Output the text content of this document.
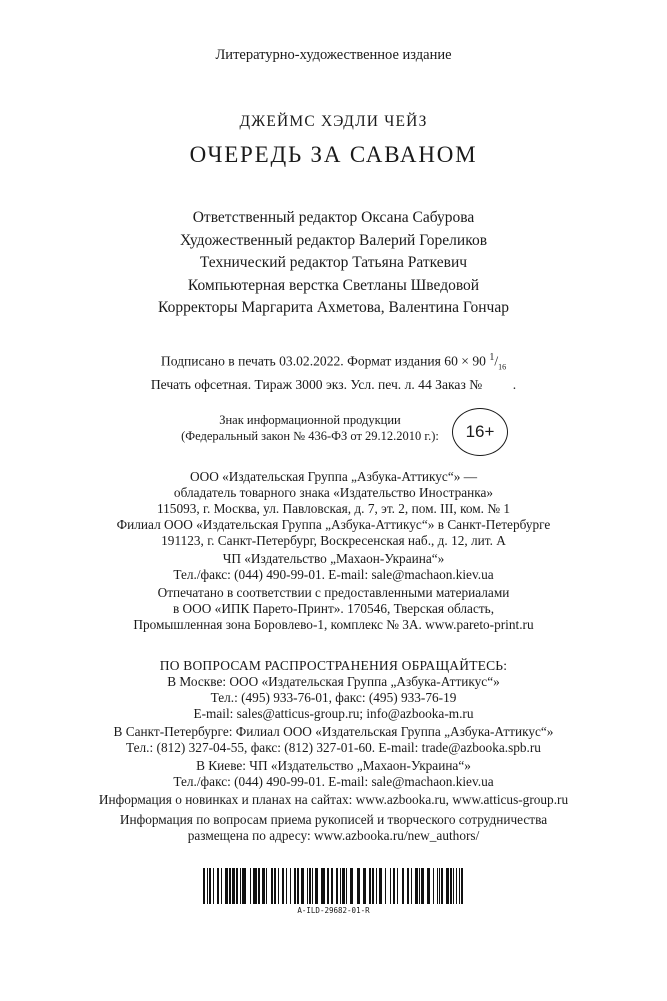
Литературно-художественное издание
ДЖЕЙМС ХЭДЛИ ЧЕЙЗ
ОЧЕРЕДЬ ЗА САВАНОМ
Ответственный редактор Оксана Сабурова
Художественный редактор Валерий Гореликов
Технический редактор Татьяна Раткевич
Компьютерная верстка Светланы Шведовой
Корректоры Маргарита Ахметова, Валентина Гончар
Подписано в печать 03.02.2022. Формат издания 60 × 90 $^1/_{16}$
Печать офсетная. Тираж 3000 экз. Усл. печ. л. 44 Заказ №         .
Знак информационной продукции
(Федеральный закон № 436-ФЗ от 29.12.2010 г.):	16+
ООО «Издательская Группа „Азбука-Аттикус“» —
обладатель товарного знака «Издательство Иностранка»
115093, г. Москва, ул. Павловская, д. 7, эт. 2, пом. III, ком. № 1
Филиал ООО «Издательская Группа „Азбука-Аттикус“» в Санкт-Петербурге
191123, г. Санкт-Петербург, Воскресенская наб., д. 12, лит. А
ЧП «Издательство „Махаон-Украина“»
Тел./факс: (044) 490-99-01. E-mail: sale@machaon.kiev.ua
Отпечатано в соответствии с предоставленными материалами
в ООО «ИПК Парето-Принт». 170546, Тверская область,
Промышленная зона Боровлево-1, комплекс № 3А. www.pareto-print.ru
ПО ВОПРОСАМ РАСПРОСТРАНЕНИЯ ОБРАЩАЙТЕСЬ:
В Москве: ООО «Издательская Группа „Азбука-Аттикус“»
Тел.: (495) 933-76-01, факс: (495) 933-76-19
E-mail: sales@atticus-group.ru; info@azbooka-m.ru
В Санкт-Петербурге: Филиал ООО «Издательская Группа „Азбука-Аттикус“»
Тел.: (812) 327-04-55, факс: (812) 327-01-60. E-mail: trade@azbooka.spb.ru
В Киеве: ЧП «Издательство „Махаон-Украина“»
Тел./факс: (044) 490-99-01. E-mail: sale@machaon.kiev.ua
Информация о новинках и планах на сайтах: www.azbooka.ru, www.atticus-group.ru
Информация по вопросам приема рукописей и творческого сотрудничества
размещена по адресу: www.azbooka.ru/new_authors/
A-ILD-29682-01-R
